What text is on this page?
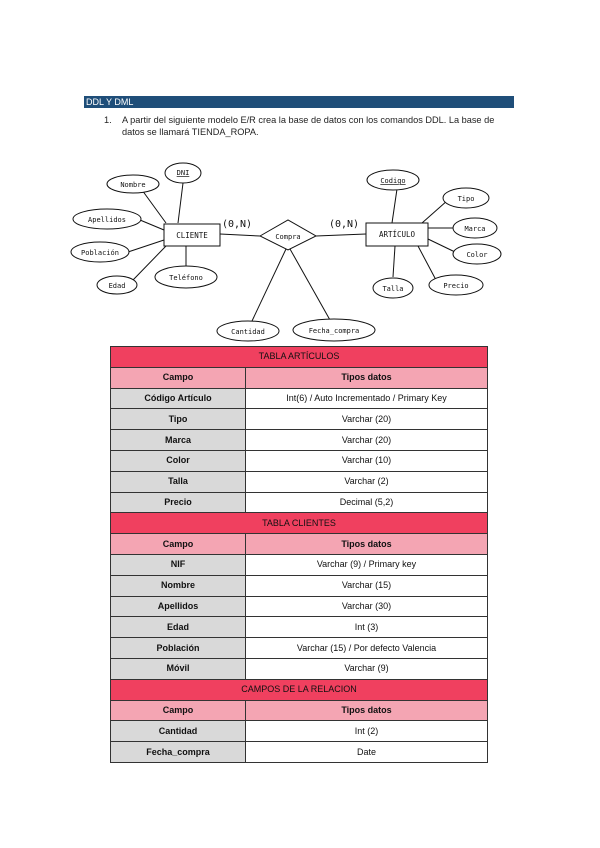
DDL Y DML
1. A partir del siguiente modelo E/R crea la base de datos con los comandos DDL. La base de datos se llamará TIENDA_ROPA.
CLIENTE	ARTÍCULO
Compra
(0,N)	(0,N)
Nombre
DNI
Apellidos
Población
Edad
Teléfono
Codigo
Tipo
Marca
Color
Precio
Talla
Cantidad	Fecha_compra
TABLA ARTÍCULOS	
Campo	Tipos datos
Código Artículo	Int(6) / Auto Incrementado / Primary Key
Tipo	Varchar (20)
Marca	Varchar (20)
Color	Varchar (10)
Talla	Varchar (2)
Precio	Decimal (5,2)
TABLA CLIENTES	
Campo	Tipos datos
NIF	Varchar (9) / Primary key
Nombre	Varchar (15)
Apellidos	Varchar (30)
Edad	Int (3)
Población	Varchar (15) / Por defecto Valencia
Móvil	Varchar (9)
CAMPOS DE LA RELACION	
Campo	Tipos datos
Cantidad	Int (2)
Fecha_compra	Date
